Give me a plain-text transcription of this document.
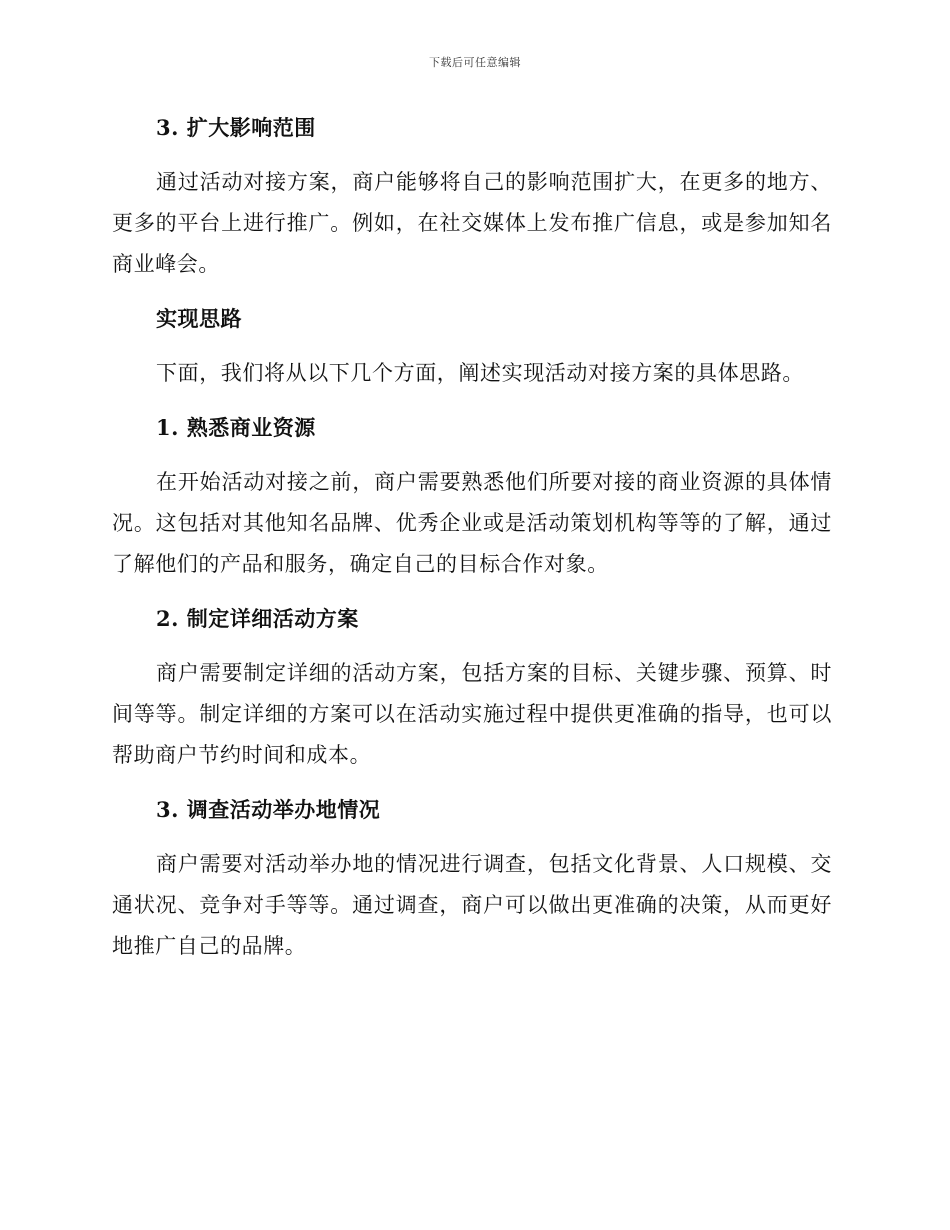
下载后可任意编辑
3. 扩大影响范围

通过活动对接方案，商户能够将自己的影响范围扩大，在更多的地方、更多的平台上进行推广。例如，在社交媒体上发布推广信息，或是参加知名商业峰会。

实现思路

下面，我们将从以下几个方面，阐述实现活动对接方案的具体思路。

1. 熟悉商业资源

在开始活动对接之前，商户需要熟悉他们所要对接的商业资源的具体情况。这包括对其他知名品牌、优秀企业或是活动策划机构等等的了解，通过了解他们的产品和服务，确定自己的目标合作对象。

2. 制定详细活动方案

商户需要制定详细的活动方案，包括方案的目标、关键步骤、预算、时间等等。制定详细的方案可以在活动实施过程中提供更准确的指导，也可以帮助商户节约时间和成本。

3. 调查活动举办地情况

商户需要对活动举办地的情况进行调查，包括文化背景、人口规模、交通状况、竞争对手等等。通过调查，商户可以做出更准确的决策，从而更好地推广自己的品牌。
